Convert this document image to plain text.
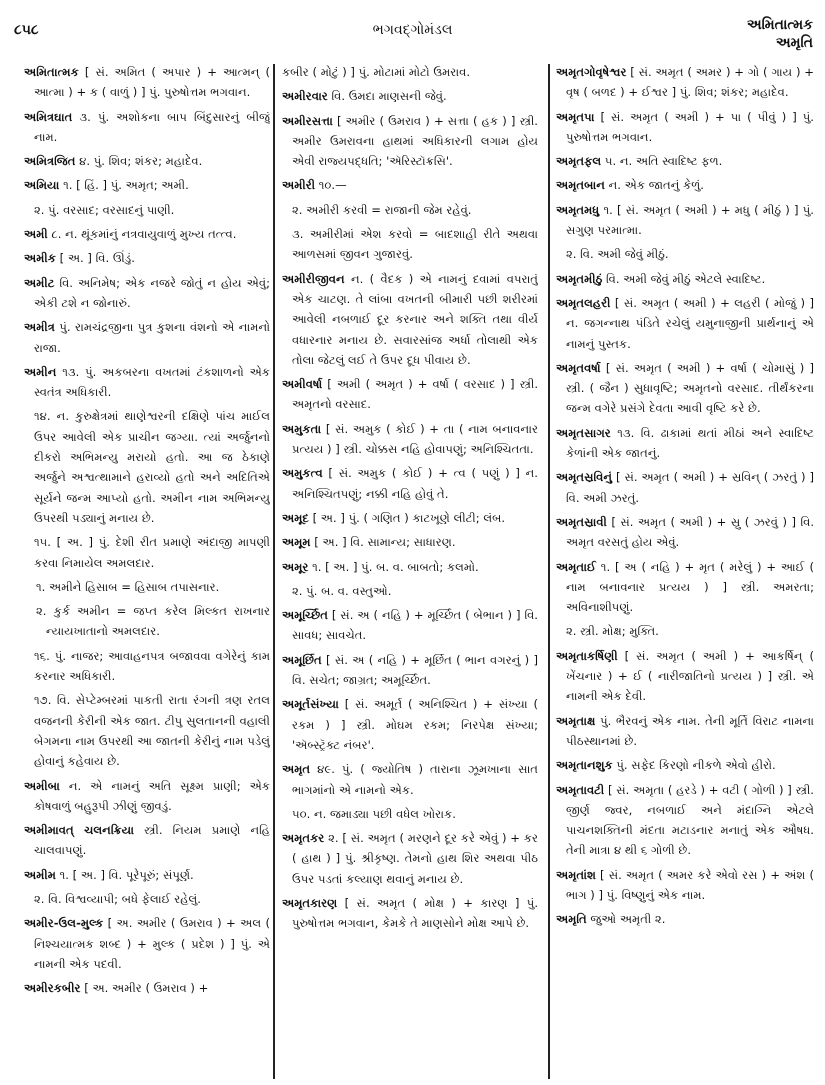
૮૫૮	ભગવદ્ગોમંડલ	અમિતાત્મક
અમૃતિ
અમિતાત્મક [ સં. અમિત ( અપાર ) + આત્મન્ ( આત્મા ) + ક ( વાળું ) ] પું. પુરુષોત્તમ ભગવાન.
અમિત્રઘાત ૩. પું. અશોકના બાપ બિંદુસારનું બીજું નામ.
અમિત્રજિત ૪. પું. શિવ; શંકર; મહાદેવ.
અમિયા ૧. [ હિં. ] પું. અમૃત; અમી.
૨. પું. વરસાદ; વરસાદનું પાણી.
અમી ૮. ન. થૂંકમાંનું નત્રવાયુવાળું મુખ્ય તત્ત્વ.
અમીક [ અ. ] વિ. ઊંડું.
અમીટ વિ. અનિમેષ; એક નજરે જોતું ન હોય એવું; એકી ટશે ન જોનારું.
અમીત્ર પું. રામચંદ્રજીના પુત્ર કુશના વંશનો એ નામનો રાજા.
અમીન ૧૩. પું. અકબરના વખતમાં ટંકશાળનો એક સ્વતંત્ર અધિકારી.
૧૪. ન. કુરુક્ષેત્રમાં થાણેશ્વરની દક્ષિણે પાંચ માઈલ ઉપર આવેલી એક પ્રાચીન જગ્યા. ત્યાં અર્જુનનો દીકરો અભિમન્યુ મરાયો હતો. આ જ ઠેકાણે અર્જુને અશ્વત્થામાને હરાવ્યો હતો અને અદિતિએ સૂર્યને જન્મ આપ્યો હતો. અમીન નામ અભિમન્યુ ઉપરથી પડ્યાનું મનાય છે.
૧૫. [ અ. ] પું. દેશી રીત પ્રમાણે અંદાજી માપણી કરવા નિમાયેલ અમલદાર.
૧. અમીને હિસાબ = હિસાબ તપાસનાર.
૨. કુર્ક અમીન = જપ્ત કરેલ મિલ્કત રાખનાર ન્યાયખાતાનો અમલદાર.
૧૬. પું. નાજર; આવાહનપત્ર બજાવવા વગેરેનું કામ કરનાર અધિકારી.
૧૭. વિ. સેપ્ટેમ્બરમાં પાકતી રાતા રંગની ત્રણ રતલ વજનની કેરીની એક જાત. ટીપુ સુલતાનની વહાલી બેગમના નામ ઉપરથી આ જાતની કેરીનું નામ પડેલું હોવાનું કહેવાય છે.
અમીબા ન. એ નામનું અતિ સૂક્ષ્મ પ્રાણી; એક કોષવાળું બહુરૂપી ઝીણું જીવડું.
અમીમાવત્ ચલનક્રિયા સ્ત્રી. નિયમ પ્રમાણે નહિ ચાલવાપણું.
અમીમ ૧. [ અ. ] વિ. પૂરેપૂરું; સંપૂર્ણ.
૨. વિ. વિશ્વવ્યાપી; બધે ફેલાઈ રહેલું.
અમીર-ઉલ-મુલ્ક [ અ. અમીર ( ઉમરાવ ) + અલ ( નિશ્ચયાત્મક શબ્દ ) + મુલ્ક ( પ્રદેશ ) ] પું. એ નામની એક પદવી.
અમીરકબીર [ અ. અમીર ( ઉમરાવ ) +
કબીર ( મોટું ) ] પું. મોટામાં મોટો ઉમરાવ.
અમીરવાર વિ. ઉમદા માણસની જેવું.
અમીરસત્તા [ અમીર ( ઉમરાવ ) + સત્તા ( હક ) ] સ્ત્રી. અમીર ઉમરાવના હાથમાં અધિકારની લગામ હોય એવી રાજ્યપદ્ધતિ; 'ઍરિસ્ટૉક્રસિ'.
અમીરી ૧૦.—
૨. અમીરી કરવી = રાજાની જેમ રહેવું.
૩. અમીરીમાં એશ કરવો = બાદશાહી રીતે અથવા આળસમાં જીવન ગુજારવું.
અમીરીજીવન ન. ( વૈદક ) એ નામનું દવામાં વપરાતું એક ચાટણ. તે લાંબા વખતની બીમારી પછી શરીરમાં આવેલી નબળાઈ દૂર કરનાર અને શક્તિ તથા વીર્ય વધારનાર મનાય છે. સવારસાંજ અર્ધા તોલાથી એક તોલા જેટલું લઈ તે ઉપર દૂધ પીવાય છે.
અમીવર્ષા [ અમી ( અમૃત ) + વર્ષા ( વરસાદ ) ] સ્ત્રી. અમૃતનો વરસાદ.
અમુકતા [ સં. અમુક ( કોઈ ) + તા ( નામ બનાવનાર પ્રત્યય ) ] સ્ત્રી. ચોક્કસ નહિ હોવાપણું; અનિશ્ચિતતા.
અમુકત્વ [ સં. અમુક ( કોઈ ) + ત્વ ( પણું ) ] ન. અનિશ્ચિતપણું; નક્કી નહિ હોવું તે.
અમૂદ [ અ. ] પું. ( ગણિત ) કાટખૂણે લીટી; લંબ.
અમૂમ [ અ. ] વિ. સામાન્ય; સાધારણ.
અમૂર ૧. [ અ. ] પું. બ. વ. બાબતો; કલમો.
૨. પું. બ. વ. વસ્તુઓ.
અમૂર્ચ્છિત [ સં. અ ( નહિ ) + મૂર્ચ્છિત ( બેભાન ) ] વિ. સાવધ; સાવચેત.
અમૂર્છિત [ સં. અ ( નહિ ) + મૂર્છિત ( ભાન વગરનું ) ] વિ. સચેત; જાગ્રત; અમૂર્ચ્છિત.
અમૂર્તસંખ્યા [ સં. અમૂર્ત ( અનિશ્ચિત ) + સંખ્યા ( રકમ ) ] સ્ત્રી. મોઘમ રકમ; નિરપેક્ષ સંખ્યા; 'ઍબ્સ્ટ્રૅક્ટ નંબર'.
અમૃત ૪૯. પું. ( જ્યોતિષ ) તારાના ઝૂમખાના સાત ભાગમાંનો એ નામનો એક.
૫૦. ન. જમાડ્યા પછી વધેલ ખોરાક.
અમૃતકર ૨. [ સં. અમૃત ( મરણને દૂર કરે એવું ) + કર ( હાથ ) ] પું. શ્રીકૃષ્ણ. તેમનો હાથ શિર અથવા પીઠ ઉપર પડતાં કલ્યાણ થવાનું મનાય છે.
અમૃતકારણ [ સં. અમૃત ( મોક્ષ ) + કારણ ] પું. પુરુષોત્તમ ભગવાન, કેમકે તે માણસોને મોક્ષ આપે છે.
અમૃતગોવૃષેશ્વર [ સં. અમૃત ( અમર ) + ગો ( ગાય ) + વૃષ ( બળદ ) + ઈશ્વર ] પું. શિવ; શંકર; મહાદેવ.
અમૃતપા [ સં. અમૃત ( અમી ) + પા ( પીવું ) ] પું. પુરુષોત્તમ ભગવાન.
અમૃતફલ ૫. ન. અતિ સ્વાદિષ્ટ ફળ.
અમૃતબાન ન. એક જાતનું કેળું.
અમૃતમધુ ૧. [ સં. અમૃત ( અમી ) + મધુ ( મીઠું ) ] પું. સગુણ પરમાત્મા.
૨. વિ. અમી જેવું મીઠું.
અમૃતમીઠું વિ. અમી જેવું મીઠું એટલે સ્વાદિષ્ટ.
અમૃતલહરી [ સં. અમૃત ( અમી ) + લહરી ( મોજું ) ] ન. જગન્નાથ પંડિતે રચેલું યમુનાજીની પ્રાર્થનાનું એ નામનું પુસ્તક.
અમૃતવર્ષા [ સં. અમૃત ( અમી ) + વર્ષા ( ચોમાસું ) ] સ્ત્રી. ( જૈન ) સુધાવૃષ્ટિ; અમૃતનો વરસાદ. તીર્થંકરના જન્મ વગેરે પ્રસંગે દેવતા આવી વૃષ્ટિ કરે છે.
અમૃતસાગર ૧૩. વિ. ઢાકામાં થતાં મીઠાં અને સ્વાદિષ્ટ કેળાંની એક જાતનું.
અમૃતસ્રવિનું [ સં. અમૃત ( અમી ) + સ્રવિન્ ( ઝરતું ) ] વિ. અમી ઝરતું.
અમૃતસ્રાવી [ સં. અમૃત ( અમી ) + સ્રુ ( ઝરવું ) ] વિ. અમૃત વરસતું હોય એવું.
અમૃતાઈ ૧. [ અ ( નહિ ) + મૃત ( મરેલું ) + આઈ ( નામ બનાવનાર પ્રત્યય ) ] સ્ત્રી. અમરતા; અવિનાશીપણું.
૨. સ્ત્રી. મોક્ષ; મુક્તિ.
અમૃતાકર્ષિણી [ સં. અમૃત ( અમી ) + આકર્ષિન્ ( ખેંચનાર ) + ઈ ( નારીજાતિનો પ્રત્યય ) ] સ્ત્રી. એ નામની એક દેવી.
અમૃતાક્ષ પું. ભૈરવનું એક નામ. તેની મૂર્તિ વિરાટ નામના પીઠસ્થાનમાં છે.
અમૃતાનશુક પું. સફેદ કિરણો નીકળે એવો હીરો.
અમૃતાવટી [ સં. અમૃતા ( હરડે ) + વટી ( ગોળી ) ] સ્ત્રી. જીર્ણ જ્વર, નબળાઈ અને મંદાગ્નિ એટલે પાચનશક્તિની મંદતા મટાડનાર મનાતું એક ઔષધ. તેની માત્રા ૪ થી ૬ ગોળી છે.
અમૃતાંશ [ સં. અમૃત ( અમર કરે એવો રસ ) + અંશ ( ભાગ ) ] પું. વિષ્ણુનું એક નામ.
અમૃતિ જુઓ અમૃતી ૨.
